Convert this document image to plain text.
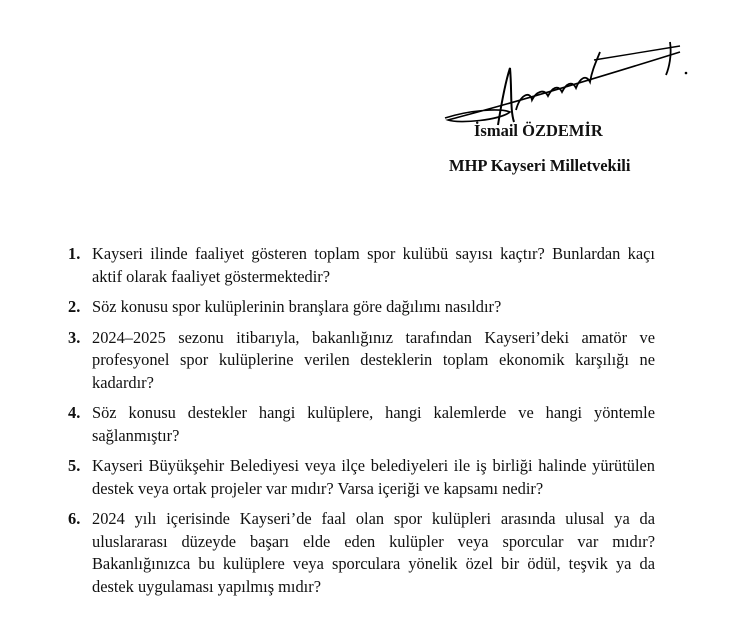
İsmail ÖZDEMİR
MHP Kayseri Milletvekili
1. Kayseri ilinde faaliyet gösteren toplam spor kulübü sayısı kaçtır? Bunlardan kaçı aktif olarak faaliyet göstermektedir?
2. Söz konusu spor kulüplerinin branşlara göre dağılımı nasıldır?
3. 2024–2025 sezonu itibarıyla, bakanlığınız tarafından Kayseri’deki amatör ve profesyonel spor kulüplerine verilen desteklerin toplam ekonomik karşılığı ne kadardır?
4. Söz konusu destekler hangi kulüplere, hangi kalemlerde ve hangi yöntemle sağlanmıştır?
5. Kayseri Büyükşehir Belediyesi veya ilçe belediyeleri ile iş birliği halinde yürütülen destek veya ortak projeler var mıdır? Varsa içeriği ve kapsamı nedir?
6. 2024 yılı içerisinde Kayseri’de faal olan spor kulüpleri arasında ulusal ya da uluslararası düzeyde başarı elde eden kulüpler veya sporcular var mıdır? Bakanlığınızca bu kulüplere veya sporculara yönelik özel bir ödül, teşvik ya da destek uygulaması yapılmış mıdır?
